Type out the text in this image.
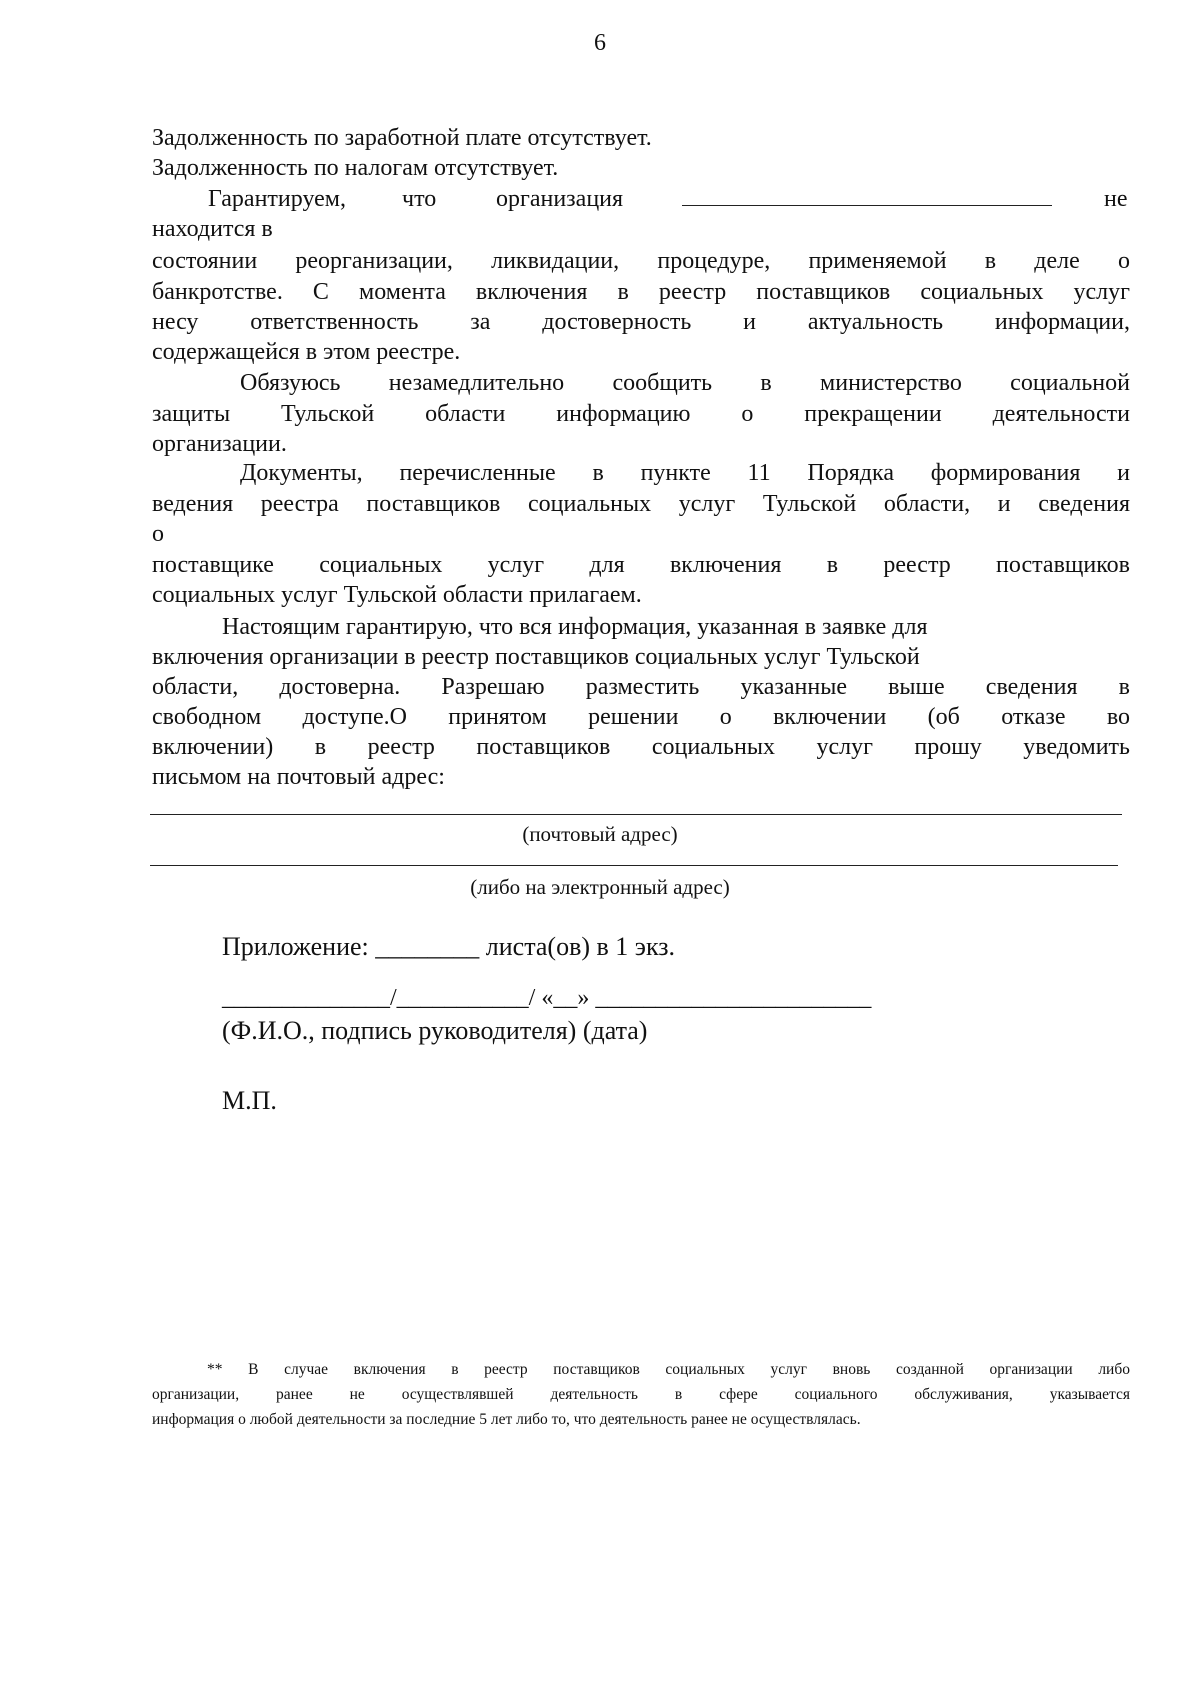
6
Задолженность по заработной плате отсутствует.
Задолженность по налогам отсутствует.
Гарантируем, что организация	не
находится в
состоянии реорганизации, ликвидации, процедуре, применяемой в деле о
банкротстве. С момента включения в реестр поставщиков социальных услуг
несу ответственность за достоверность и актуальность информации,
содержащейся в этом реестре.
Обязуюсь незамедлительно сообщить в министерство социальной
защиты Тульской области информацию о прекращении деятельности
организации.
Документы, перечисленные в пункте 11 Порядка формирования и
ведения реестра поставщиков социальных услуг Тульской области, и сведения
о
поставщике социальных услуг для включения в реестр поставщиков
социальных услуг Тульской области прилагаем.
Настоящим гарантирую, что вся информация, указанная в заявке для
включения организации в реестр поставщиков социальных услуг Тульской
области, достоверна. Разрешаю разместить указанные выше сведения в
свободном доступе.О принятом решении о включении (об отказе во
включении) в реестр поставщиков социальных услуг прошу уведомить
письмом на почтовый адрес:
(почтовый адрес)
(либо на электронный адрес)
Приложение: ________ листа(ов) в 1 экз.
______________/___________/ «__» _______________________
(Ф.И.О., подпись руководителя) (дата)
М.П.
** В случае включения в реестр поставщиков социальных услуг вновь созданной организации либо
организации, ранее не осуществлявшей деятельность в сфере социального обслуживания, указывается
информация о любой деятельности за последние 5 лет либо то, что деятельность ранее не осуществлялась.
